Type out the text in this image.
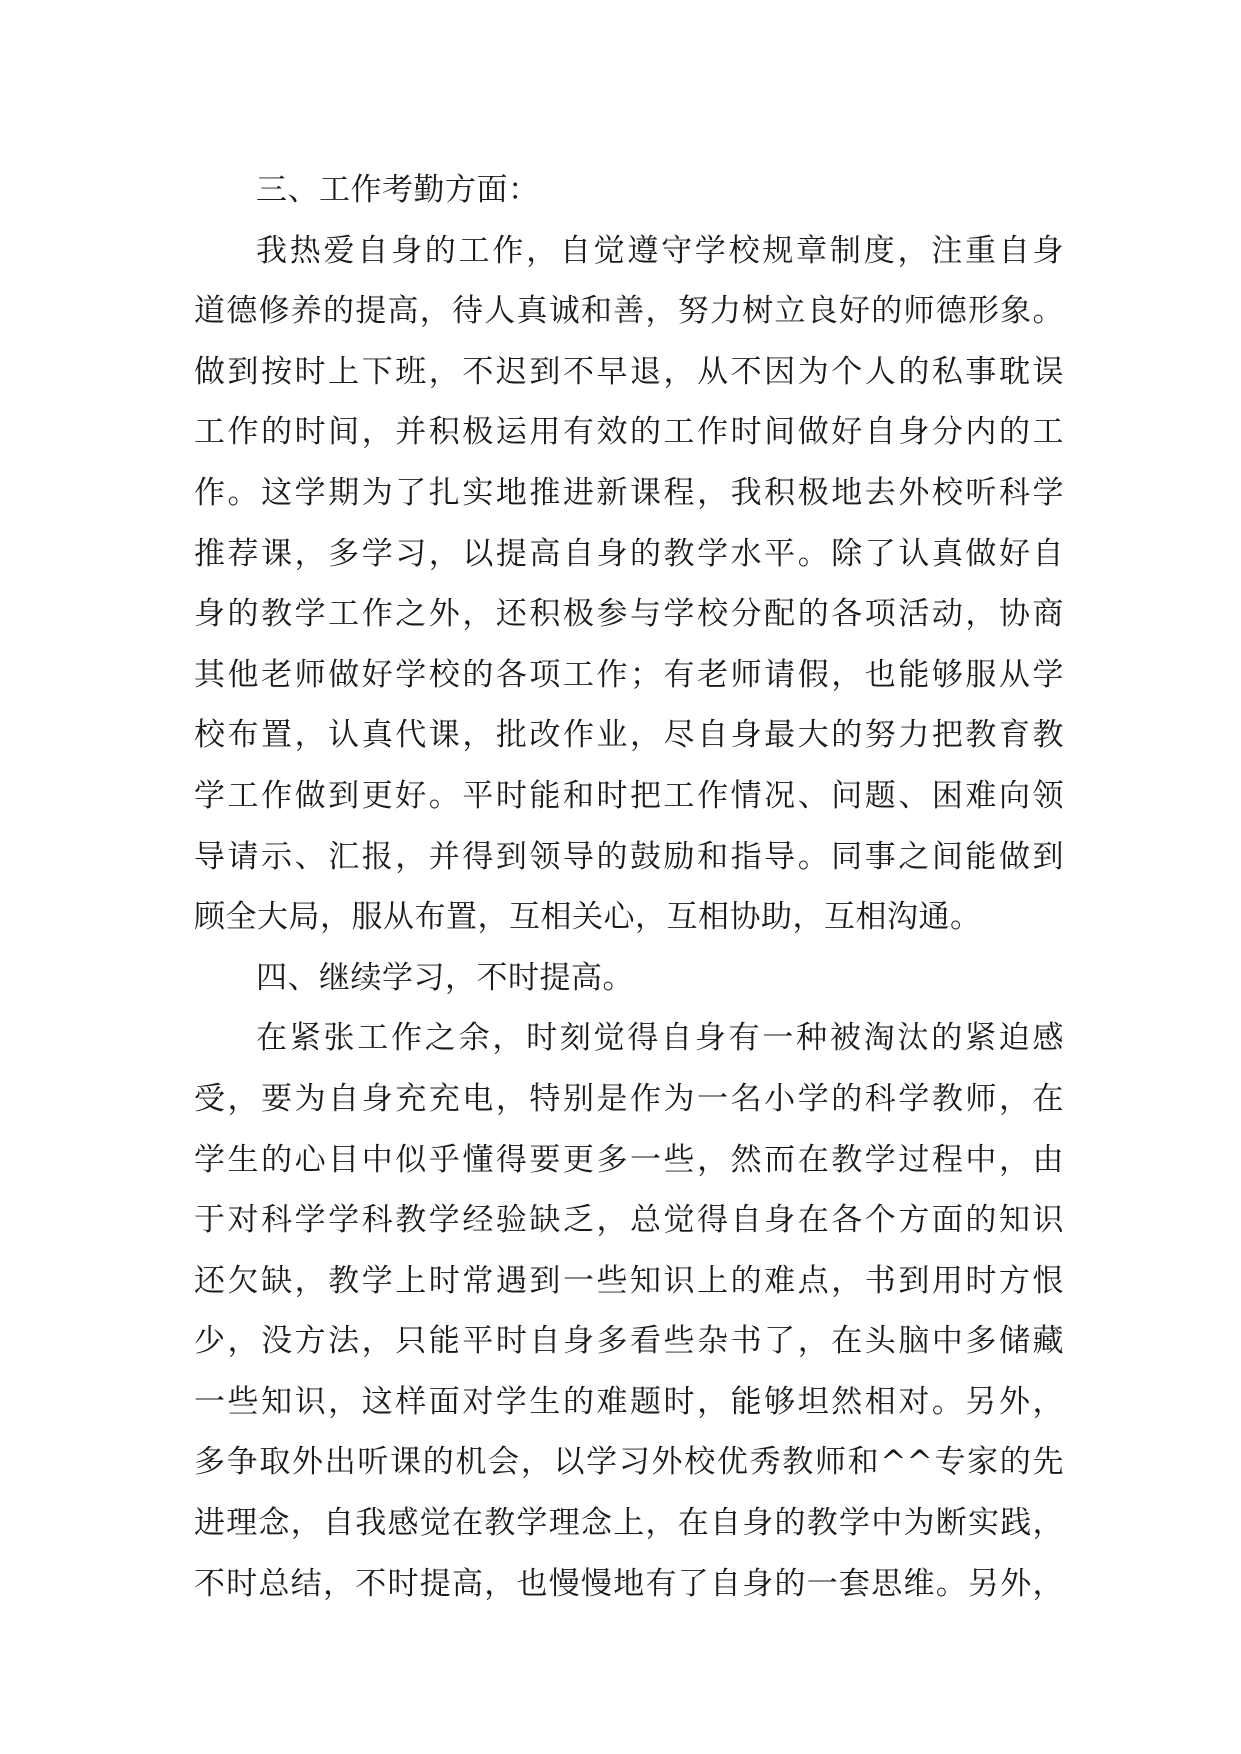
三、工作考勤方面：
我热爱自身的工作，自觉遵守学校规章制度，注重自身
道德修养的提高，待人真诚和善，努力树立良好的师德形象。
做到按时上下班，不迟到不早退，从不因为个人的私事耽误
工作的时间，并积极运用有效的工作时间做好自身分内的工
作。这学期为了扎实地推进新课程，我积极地去外校听科学
推荐课，多学习，以提高自身的教学水平。除了认真做好自
身的教学工作之外，还积极参与学校分配的各项活动，协商
其他老师做好学校的各项工作；有老师请假，也能够服从学
校布置，认真代课，批改作业，尽自身最大的努力把教育教
学工作做到更好。平时能和时把工作情况、问题、困难向领
导请示、汇报，并得到领导的鼓励和指导。同事之间能做到
顾全大局，服从布置，互相关心，互相协助，互相沟通。
四、继续学习，不时提高。
在紧张工作之余，时刻觉得自身有一种被淘汰的紧迫感
受，要为自身充充电，特别是作为一名小学的科学教师，在
学生的心目中似乎懂得要更多一些，然而在教学过程中，由
于对科学学科教学经验缺乏，总觉得自身在各个方面的知识
还欠缺，教学上时常遇到一些知识上的难点，书到用时方恨
少，没方法，只能平时自身多看些杂书了，在头脑中多储藏
一些知识，这样面对学生的难题时，能够坦然相对。另外，
多争取外出听课的机会，以学习外校优秀教师和^^专家的先
进理念，自我感觉在教学理念上，在自身的教学中为断实践，
不时总结，不时提高，也慢慢地有了自身的一套思维。另外，
